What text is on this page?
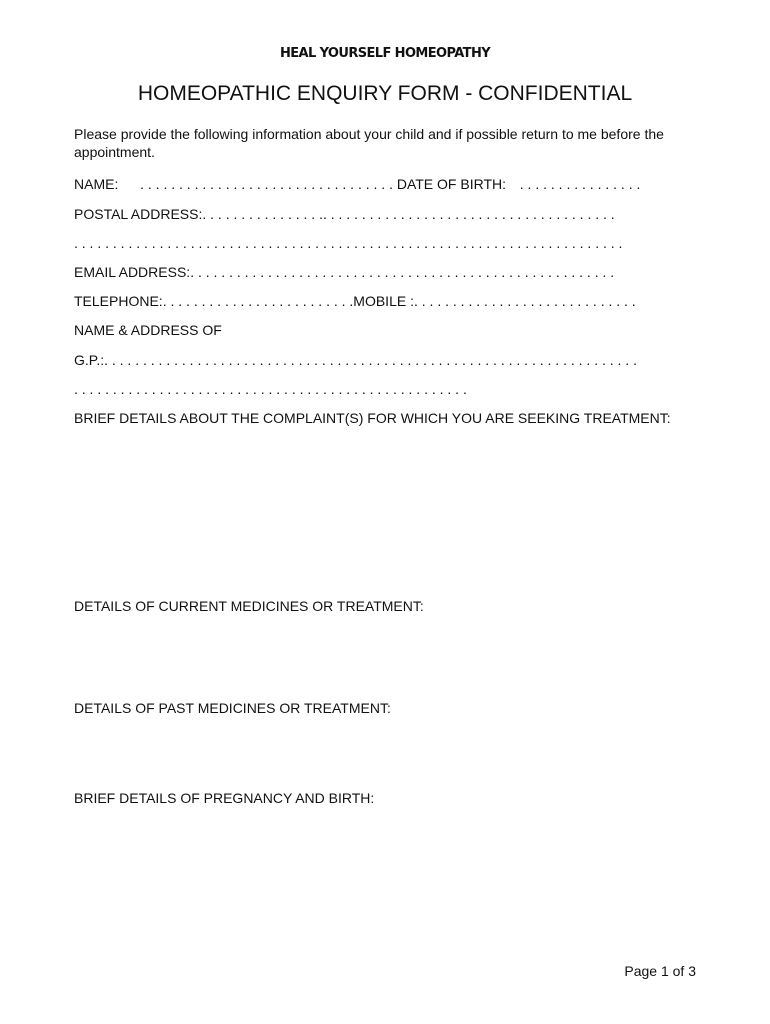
HEAL YOURSELF HOMEOPATHY
HOMEOPATHIC ENQUIRY FORM - CONFIDENTIAL
Please provide the following information about your child and if possible return to me before the appointment.
NAME: . . . . . . . . . . . . . . . . . . . . . . . . . . . . . . . . . DATE OF BIRTH: . . . . . . . . . . . . . . . .
POSTAL ADDRESS:. . . . . . . . . . . . . . . .. . . . . . . . . . . . . . . . . . . . . . . . . . . . . . . . . . . . . .
. . . . . . . . . . . . . . . . . . . . . . . . . . . . . . . . . . . . . . . . . . . . . . . . . . . . . . . . . . . . . . . . . . . . . . .
EMAIL ADDRESS:. . . . . . . . . . . . . . . . . . . . . . . . . . . . . . . . . . . . . . . . . . . . . . . . . . . . . . .
TELEPHONE:. . . . . . . . . . . . . . . . . . . . . . . . .MOBILE :. . . . . . . . . . . . . . . . . . . . . . . . . . . . .
NAME & ADDRESS OF
G.P.:. . . . . . . . . . . . . . . . . . . . . . . . . . . . . . . . . . . . . . . . . . . . . . . . . . . . . . . . . . . . . . . . . . . . .
. . . . . . . . . . . . . . . . . . . . . . . . . . . . . . . . . . . . . . . . . . . . . . . . . . .
BRIEF DETAILS ABOUT THE COMPLAINT(S) FOR WHICH YOU ARE SEEKING TREATMENT:
DETAILS OF CURRENT MEDICINES OR TREATMENT:
DETAILS OF PAST MEDICINES OR TREATMENT:
BRIEF DETAILS OF PREGNANCY AND BIRTH:
Page 1 of 3
